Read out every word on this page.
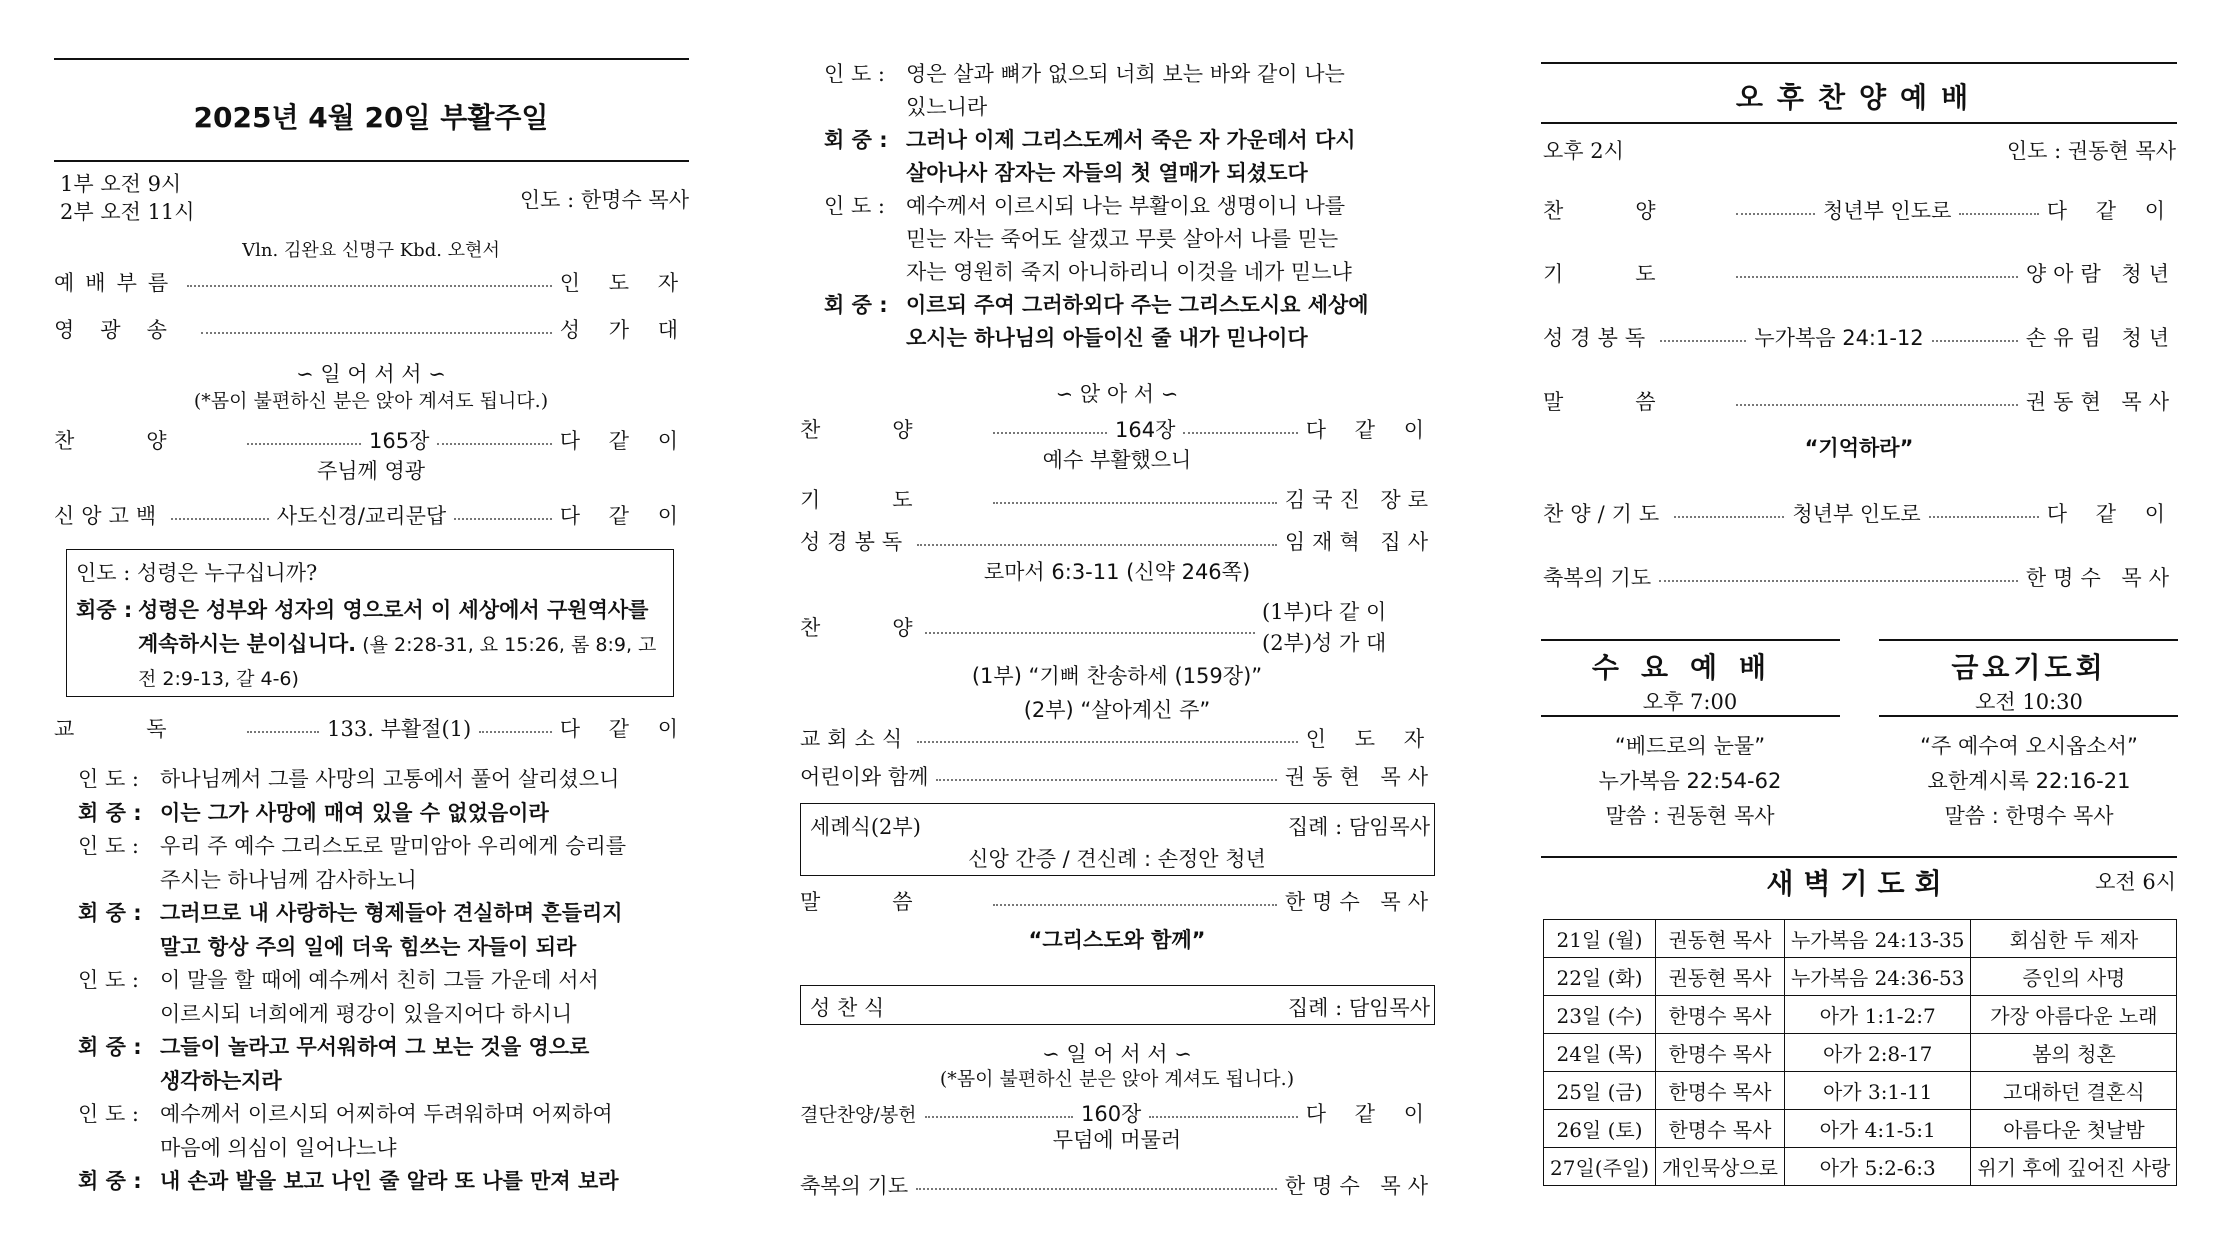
2025년 4월 20일 부활주일
1부 오전 9시
2부 오전 11시	인도 : 한명수 목사
Vln. 김완요 신명구 Kbd. 오현서
예배부름	인 도 자
영광송	성 가 대
∽ 일 어 서 서 ∽
(*몸이 불편하신 분은 앉아 계셔도 됩니다.)
찬양	165장	다 같 이
주님께 영광
신앙고백	사도신경/교리문답	다 같 이
인도 : 성령은 누구십니까?
회중 : 성령은 성부와 성자의 영으로서 이 세상에서 구원역사를
계속하시는 분이십니다. (욜 2:28-31, 요 15:26, 롬 8:9, 고
전 2:9-13, 갈 4-6)
교독	133. 부활절(1)	다 같 이
인 도 : 하나님께서 그를 사망의 고통에서 풀어 살리셨으니
회 중 : 이는 그가 사망에 매여 있을 수 없었음이라
인 도 : 우리 주 예수 그리스도로 말미암아 우리에게 승리를
주시는 하나님께 감사하노니
회 중 : 그러므로 내 사랑하는 형제들아 견실하며 흔들리지
말고 항상 주의 일에 더욱 힘쓰는 자들이 되라
인 도 : 이 말을 할 때에 예수께서 친히 그들 가운데 서서
이르시되 너희에게 평강이 있을지어다 하시니
회 중 : 그들이 놀라고 무서워하여 그 보는 것을 영으로
생각하는지라
인 도 : 예수께서 이르시되 어찌하여 두려워하며 어찌하여
마음에 의심이 일어나느냐
회 중 : 내 손과 발을 보고 나인 줄 알라 또 나를 만져 보라
인 도 : 영은 살과 뼈가 없으되 너희 보는 바와 같이 나는
있느니라
회 중 : 그러나 이제 그리스도께서 죽은 자 가운데서 다시
살아나사 잠자는 자들의 첫 열매가 되셨도다
인 도 : 예수께서 이르시되 나는 부활이요 생명이니 나를
믿는 자는 죽어도 살겠고 무릇 살아서 나를 믿는
자는 영원히 죽지 아니하리니 이것을 네가 믿느냐
회 중 : 이르되 주여 그러하외다 주는 그리스도시요 세상에
오시는 하나님의 아들이신 줄 내가 믿나이다
∽ 앉 아 서 ∽
찬양	164장	다 같 이
예수 부활했으니
기도	김국진 장로
성경봉독	임재혁 집사
로마서 6:3-11 (신약 246쪽)
찬양
(1부)다 같 이
(2부)성 가 대
(1부) “기뻐 찬송하세 (159장)”
(2부) “살아계신 주”
교회소식	인 도 자
어린이와 함께	권동현 목사
세례식(2부)	집례 : 담임목사
신앙 간증 / 견신례 : 손정안 청년
말씀	한명수 목사
“그리스도와 함께”
성 찬 식	집례 : 담임목사
∽ 일 어 서 서 ∽
(*몸이 불편하신 분은 앉아 계셔도 됩니다.)
결단찬양/봉헌	160장	다 같 이
무덤에 머물러
축복의 기도	한명수 목사
오후찬양예배
오후 2시	인도 : 권동현 목사
찬양	청년부 인도로	다 같 이
기도	양아람 청년
성경봉독	누가복음 24:1-12	손유림 청년
말씀	권동현 목사
“기억하라”
찬양/기도	청년부 인도로	다 같 이
축복의 기도	한명수 목사
수요예배
오후 7:00
“베드로의 눈물”
누가복음 22:54-62
말씀 : 권동현 목사
금요기도회
오전 10:30
“주 예수여 오시옵소서”
요한계시록 22:16-21
말씀 : 한명수 목사
새벽기도회	오전 6시
21일 (월)	권동현 목사	누가복음 24:13-35	회심한 두 제자
22일 (화)	권동현 목사	누가복음 24:36-53	증인의 사명
23일 (수)	한명수 목사	아가 1:1-2:7	가장 아름다운 노래
24일 (목)	한명수 목사	아가 2:8-17	봄의 청혼
25일 (금)	한명수 목사	아가 3:1-11	고대하던 결혼식
26일 (토)	한명수 목사	아가 4:1-5:1	아름다운 첫날밤
27일(주일)	개인묵상으로	아가 5:2-6:3	위기 후에 깊어진 사랑
